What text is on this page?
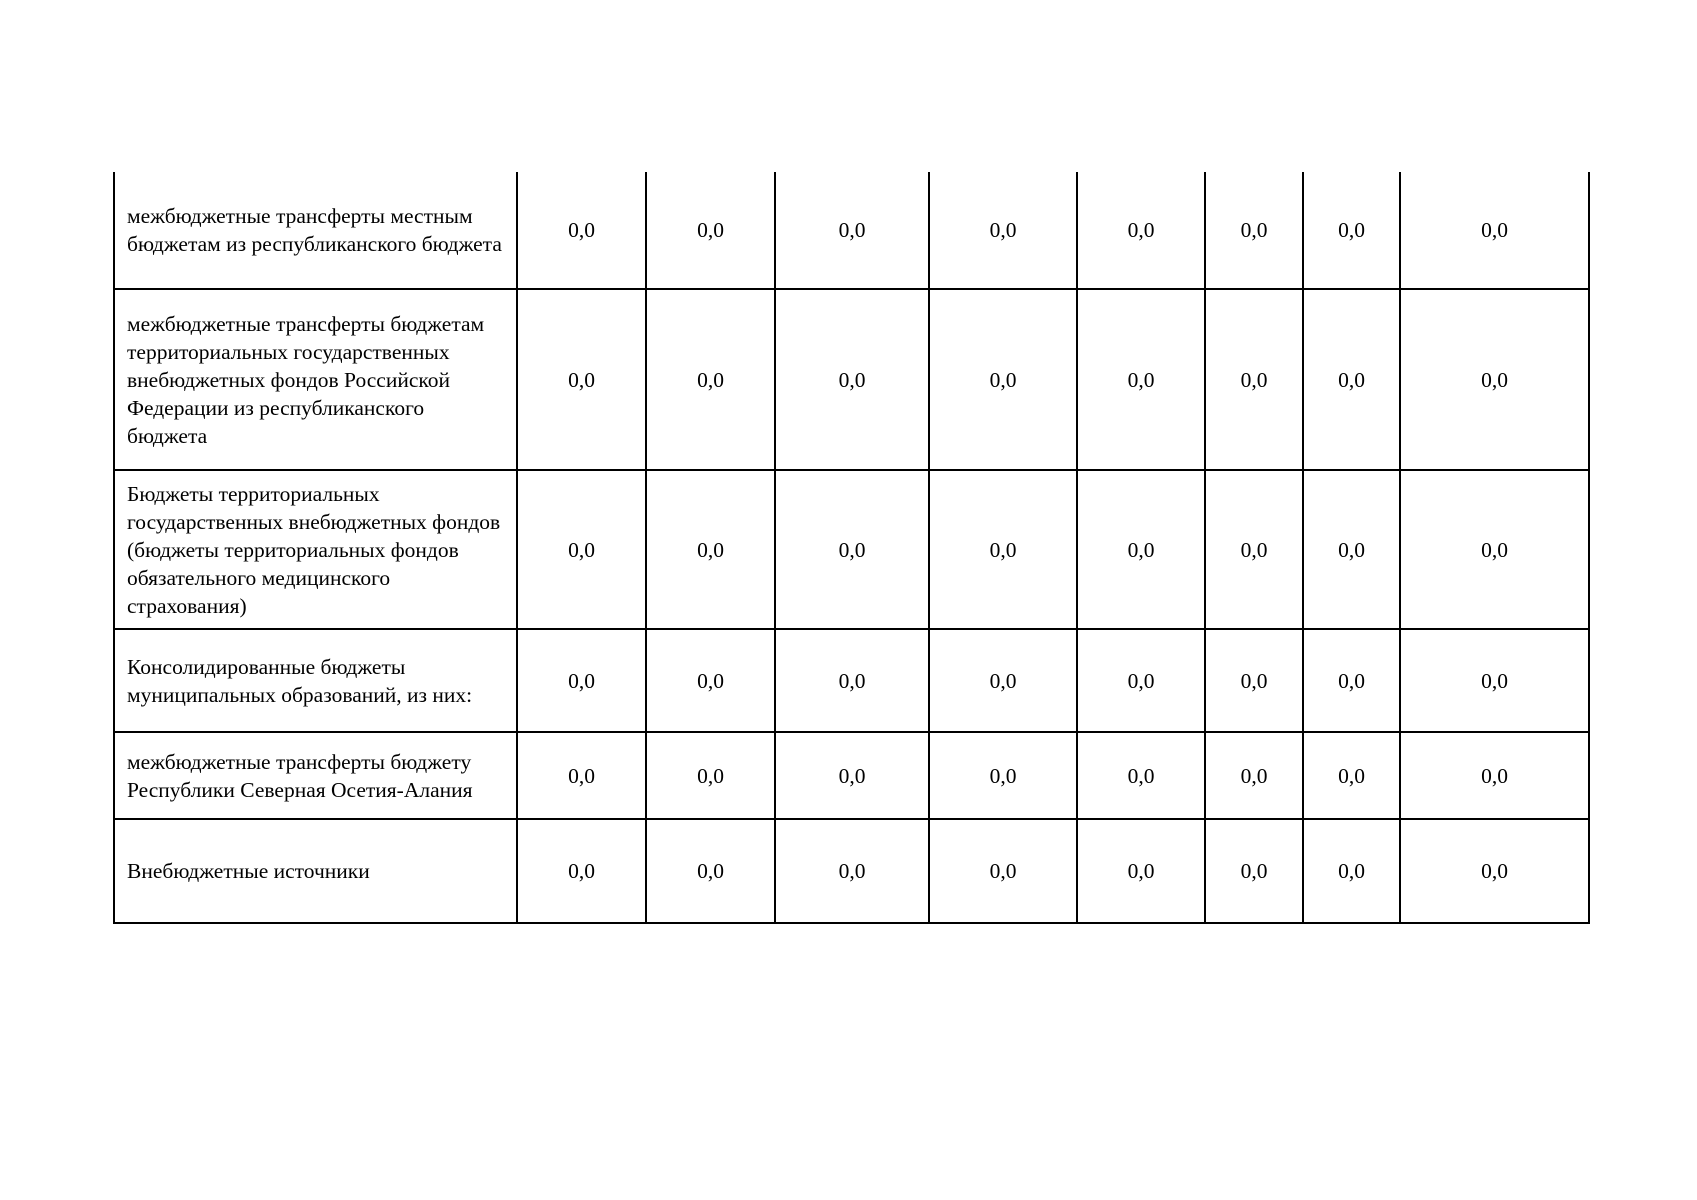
межбюджетные трансферты местным бюджетам из республиканского бюджета	0,0	0,0	0,0	0,0	0,0	0,0	0,0	0,0
межбюджетные трансферты бюджетам территориальных государственных внебюджетных фондов Российской Федерации из республиканского бюджета	0,0	0,0	0,0	0,0	0,0	0,0	0,0	0,0
Бюджеты территориальных государственных внебюджетных фондов (бюджеты территориальных фондов обязательного медицинского страхования)	0,0	0,0	0,0	0,0	0,0	0,0	0,0	0,0
Консолидированные бюджеты муниципальных образований, из них:	0,0	0,0	0,0	0,0	0,0	0,0	0,0	0,0
межбюджетные трансферты бюджету Республики Северная Осетия-Алания	0,0	0,0	0,0	0,0	0,0	0,0	0,0	0,0
Внебюджетные источники	0,0	0,0	0,0	0,0	0,0	0,0	0,0	0,0
